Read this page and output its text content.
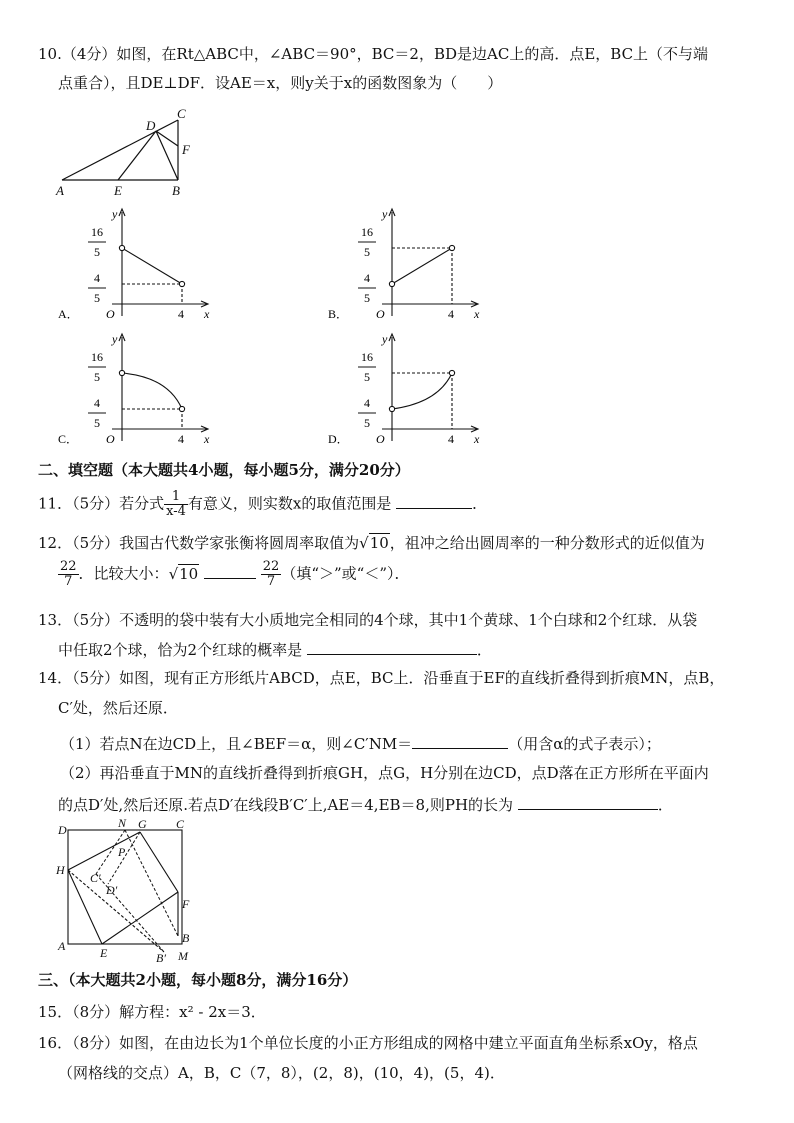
10.（4分）如图，在Rt△ABC中，∠ABC＝90°，BC＝2，BD是边AC上的高．点E，BC上（不与端
点重合），且DE⊥DF．设AE＝x，则y关于x的函数图象为（　　）
A	E	B
D
C
F
16
5
4
5
O	4 x
y
A．
16
5
4
5
O	4 x
y
B．
16
5
4
5
O	4 x
y
C．
16
5
4
5
O	4 x
y
D．
二、填空题（本大题共4小题，每小题5分，满分20分）
11．（5分）若分式 $\frac{1}{x-4}$ 有意义，则实数x的取值范围是	．
12．（5分）我国古代数学家张衡将圆周率取值为√10，祖冲之给出圆周率的一种分数形式的近似值为
$\frac{22}{7}$ ．比较大小：√10	$\frac{22}{7}$ （填“＞”或“＜”）．
13．（5分）不透明的袋中装有大小质地完全相同的4个球，其中1个黄球、1个白球和2个红球．从袋
中任取2个球，恰为2个红球的概率是	．
14．（5分）如图，现有正方形纸片ABCD，点E，BC上．沿垂直于EF的直线折叠得到折痕MN，点B，
C′处，然后还原．
（1）若点N在边CD上，且∠BEF＝α，则∠C′NM＝	（用含α的式子表示）；
（2）再沿垂直于MN的直线折叠得到折痕GH，点G，H分别在边CD，点D落在正方形所在平面内
的点D′处,然后还原.若点D′在线段B′C′上,AE＝4,EB＝8,则PH的长为	．
D	N G C
P
H
C′
D′
F
A	E	B′
B
M
三、（本大题共2小题，每小题8分，满分16分）
15．（8分）解方程：x² - 2x＝3．
16．（8分）如图，在由边长为1个单位长度的小正方形组成的网格中建立平面直角坐标系xOy，格点
（网格线的交点）A，B，C（7，8），(2，8)，(10，4)，(5，4)．
